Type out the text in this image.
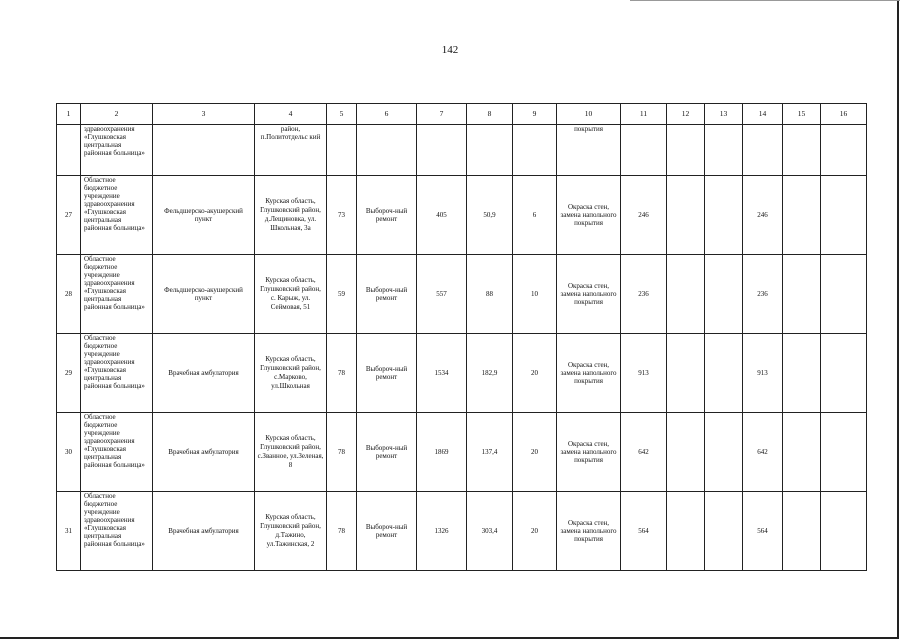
142
1	2	3	4	5	6	7	8	9	10	11	12	13	14	15	16
	здравоохранения «Глушковская центральная районная больница»		район, п.Политотдельс кий						покрытия						
27	Областное бюджетное учреждение здравоохранения «Глушковская центральная районная больница»	Фельдшерско-акушерский пункт	Курская область, Глушковский район, д.Лещиновка, ул. Школьная, 3а	73	Выбороч-ный ремонт	405	50,9	6	Окраска стен, замена напольного покрытия	246			246		
28	Областное бюджетное учреждение здравоохранения «Глушковская центральная районная больница»	Фельдшерско-акушерский пункт	Курская область, Глушковский район, с. Карыж, ул. Сеймовая, 51	59	Выбороч-ный ремонт	557	88	10	Окраска стен, замена напольного покрытия	236			236		
29	Областное бюджетное учреждение здравоохранения «Глушковская центральная районная больница»	Врачебная амбулатория	Курская область, Глушковский район, с.Марково, ул.Школьная	78	Выбороч-ный ремонт	1534	182,9	20	Окраска стен, замена напольного покрытия	913			913		
30	Областное бюджетное учреждение здравоохранения «Глушковская центральная районная больница»	Врачебная амбулатория	Курская область, Глушковский район, с.Званное, ул.Зеленая, 8	78	Выбороч-ный ремонт	1869	137,4	20	Окраска стен, замена напольного покрытия	642			642		
31	Областное бюджетное учреждение здравоохранения «Глушковская центральная районная больница»	Врачебная амбулатория	Курская область, Глушковский район, д.Тажино, ул.Тажинская, 2	78	Выбороч-ный ремонт	1326	303,4	20	Окраска стен, замена напольного покрытия	564			564		
